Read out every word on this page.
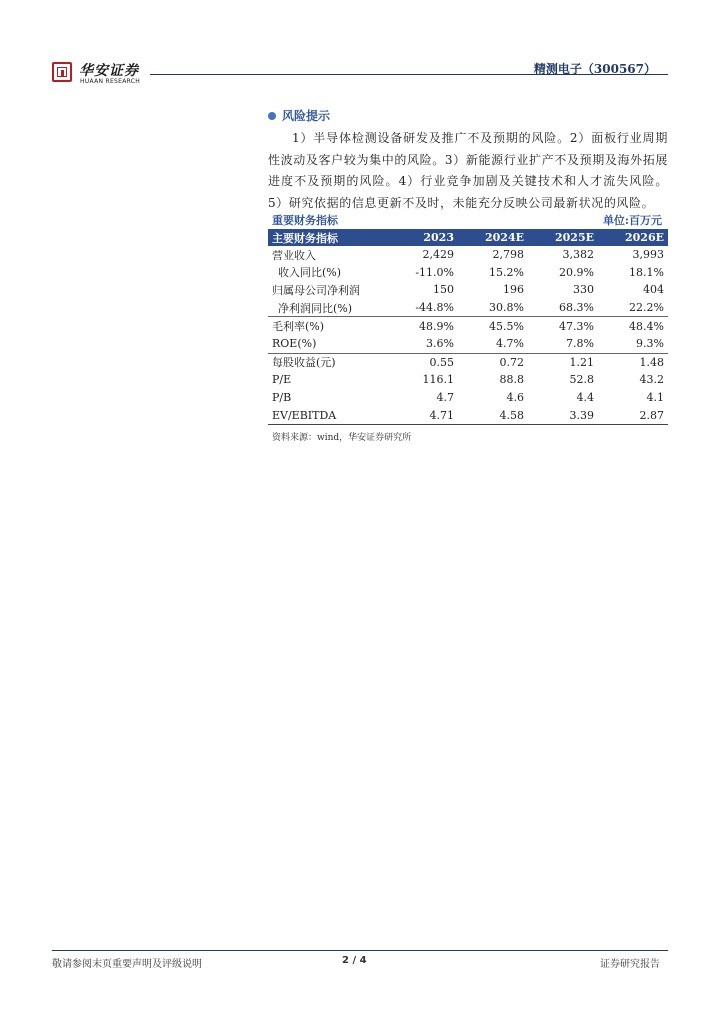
华安证券
HUAAN RESEARCH
精测电子（300567）
风险提示
1）半导体检测设备研发及推广不及预期的风险。2）面板行业周期性波动及客户较为集中的风险。3）新能源行业扩产不及预期及海外拓展进度不及预期的风险。4）行业竞争加剧及关键技术和人才流失风险。5）研究依据的信息更新不及时，未能充分反映公司最新状况的风险。
重要财务指标	单位:百万元
主要财务指标	2023	2024E	2025E	2026E
营业收入	2,429	2,798	3,382	3,993
收入同比(%)	-11.0%	15.2%	20.9%	18.1%
归属母公司净利润	150	196	330	404
净利润同比(%)	-44.8%	30.8%	68.3%	22.2%
毛利率(%)	48.9%	45.5%	47.3%	48.4%
ROE(%)	3.6%	4.7%	7.8%	9.3%
每股收益(元)	0.55	0.72	1.21	1.48
P/E	116.1	88.8	52.8	43.2
P/B	4.7	4.6	4.4	4.1
EV/EBITDA	4.71	4.58	3.39	2.87
资料来源：wind，华安证券研究所
敬请参阅末页重要声明及评级说明	2 / 4	证券研究报告
